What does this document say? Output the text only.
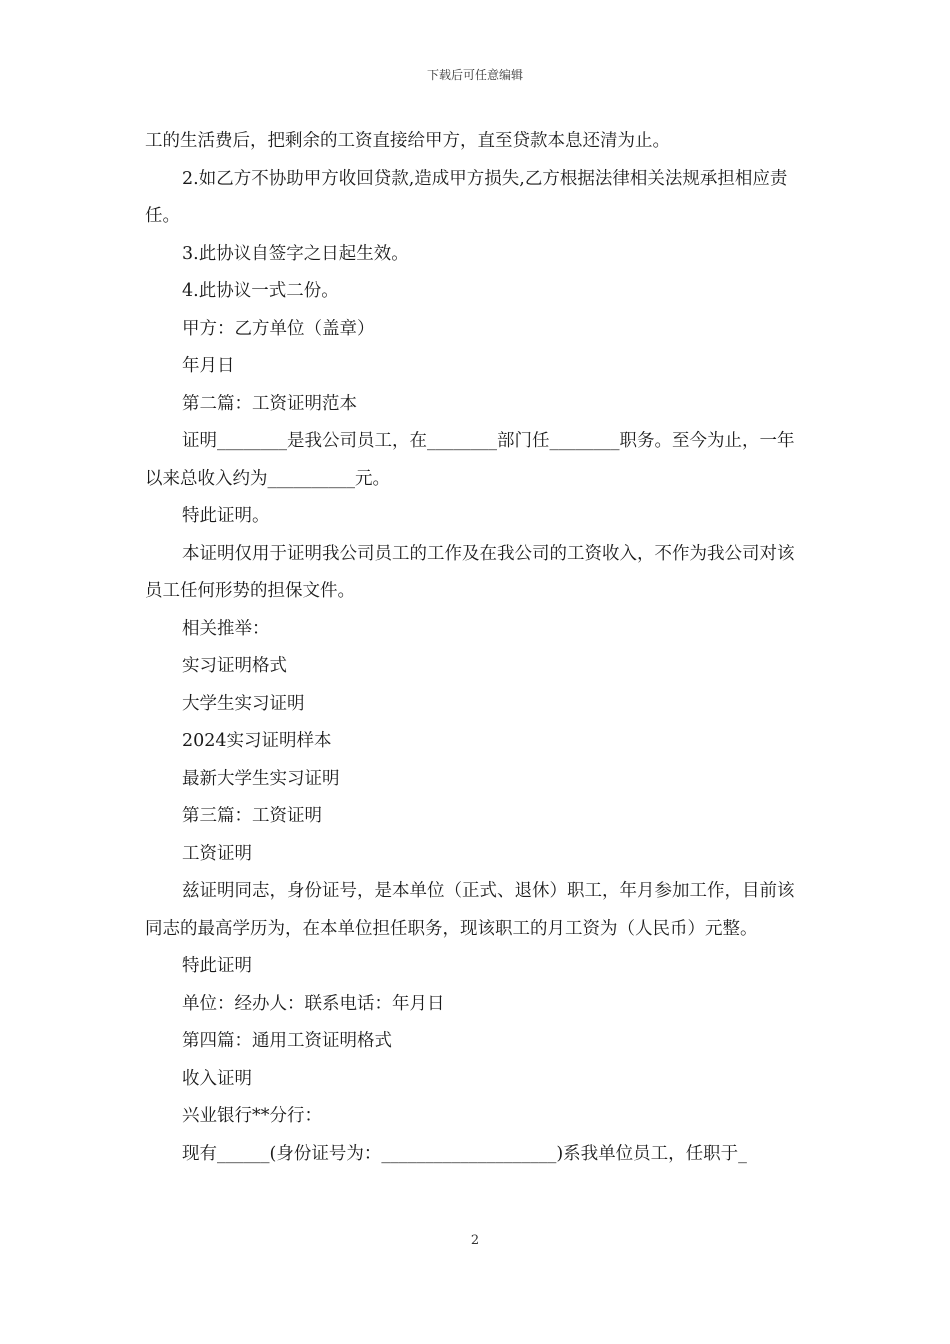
下载后可任意编辑

工的生活费后，把剩余的工资直接给甲方，直至贷款本息还清为止。

2.如乙方不协助甲方收回贷款,造成甲方损失,乙方根据法律相关法规承担相应责任。

3.此协议自签字之日起生效。

4.此协议一式二份。

甲方：乙方单位（盖章）

年月日

第二篇：工资证明范本

证明________是我公司员工，在________部门任________职务。至今为止，一年以来总收入约为__________元。

特此证明。

本证明仅用于证明我公司员工的工作及在我公司的工资收入，不作为我公司对该员工任何形势的担保文件。

相关推举：

实习证明格式

大学生实习证明

2024实习证明样本

最新大学生实习证明

第三篇：工资证明

工资证明

兹证明同志，身份证号，是本单位（正式、退休）职工，年月参加工作，目前该同志的最高学历为，在本单位担任职务，现该职工的月工资为（人民币）元整。

特此证明

单位：经办人：联系电话：年月日

第四篇：通用工资证明格式

收入证明

兴业银行**分行：

现有______(身份证号为：____________________)系我单位员工，任职于_

2
